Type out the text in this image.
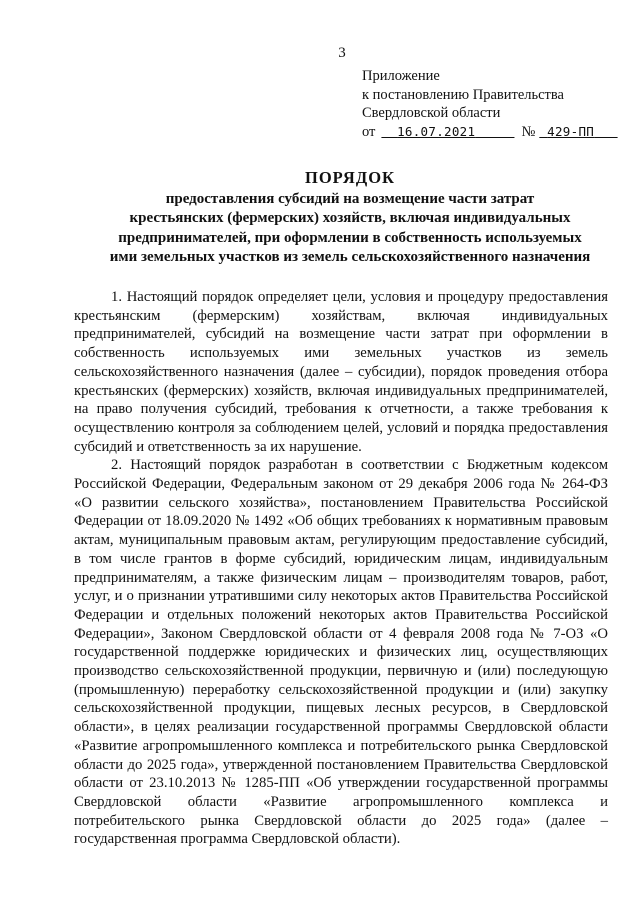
3
Приложение
к постановлению Правительства
Свердловской области
от	16.07.2021	№ 429-ПП
ПОРЯДОК
предоставления субсидий на возмещение части затрат
крестьянских (фермерских) хозяйств, включая индивидуальных
предпринимателей, при оформлении в собственность используемых
ими земельных участков из земель сельскохозяйственного назначения

1. Настоящий порядок определяет цели, условия и процедуру предоставления крестьянским (фермерским) хозяйствам, включая индивидуальных предпринимателей, субсидий на возмещение части затрат при оформлении в собственность используемых ими земельных участков из земель сельскохозяйственного назначения (далее – субсидии), порядок проведения отбора крестьянских (фермерских) хозяйств, включая индивидуальных предпринимателей, на право получения субсидий, требования к отчетности, а также требования к осуществлению контроля за соблюдением целей, условий и порядка предоставления субсидий и ответственность за их нарушение.

2. Настоящий порядок разработан в соответствии с Бюджетным кодексом Российской Федерации, Федеральным законом от 29 декабря 2006 года № 264-ФЗ «О развитии сельского хозяйства», постановлением Правительства Российской Федерации от 18.09.2020 № 1492 «Об общих требованиях к нормативным правовым актам, муниципальным правовым актам, регулирующим предоставление субсидий, в том числе грантов в форме субсидий, юридическим лицам, индивидуальным предпринимателям, а также физическим лицам – производителям товаров, работ, услуг, и о признании утратившими силу некоторых актов Правительства Российской Федерации и отдельных положений некоторых актов Правительства Российской Федерации», Законом Свердловской области от 4 февраля 2008 года № 7-ОЗ «О государственной поддержке юридических и физических лиц, осуществляющих производство сельскохозяйственной продукции, первичную и (или) последующую (промышленную) переработку сельскохозяйственной продукции и (или) закупку сельскохозяйственной продукции, пищевых лесных ресурсов, в Свердловской области», в целях реализации государственной программы Свердловской области «Развитие агропромышленного комплекса и потребительского рынка Свердловской области до 2025 года», утвержденной постановлением Правительства Свердловской области от 23.10.2013 № 1285-ПП «Об утверждении государственной программы Свердловской области «Развитие агропромышленного комплекса и потребительского рынка Свердловской области до 2025 года» (далее – государственная программа Свердловской области).
